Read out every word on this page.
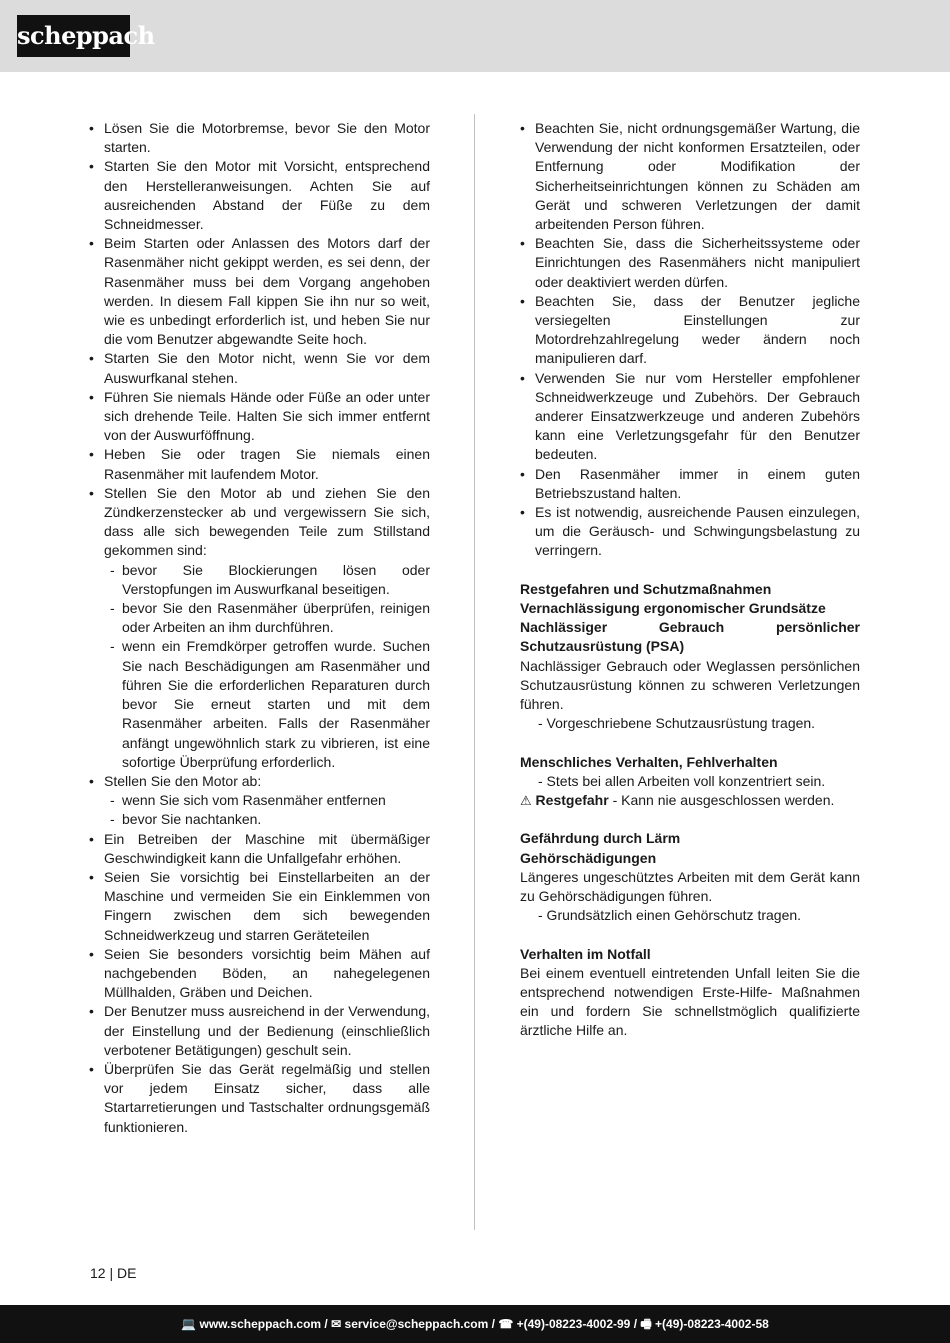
scheppach
• Lösen Sie die Motorbremse, bevor Sie den Motor starten.
• Starten Sie den Motor mit Vorsicht, entsprechend den Herstelleranweisungen. Achten Sie auf ausreichenden Abstand der Füße zu dem Schneidmesser.
• Beim Starten oder Anlassen des Motors darf der Rasenmäher nicht gekippt werden, es sei denn, der Rasenmäher muss bei dem Vorgang angehoben werden. In diesem Fall kippen Sie ihn nur so weit, wie es unbedingt erforderlich ist, und heben Sie nur die vom Benutzer abgewandte Seite hoch.
• Starten Sie den Motor nicht, wenn Sie vor dem Auswurfkanal stehen.
• Führen Sie niemals Hände oder Füße an oder unter sich drehende Teile. Halten Sie sich immer entfernt von der Auswurföffnung.
• Heben Sie oder tragen Sie niemals einen Rasenmäher mit laufendem Motor.
• Stellen Sie den Motor ab und ziehen Sie den Zündkerzenstecker ab und vergewissern Sie sich, dass alle sich bewegenden Teile zum Stillstand gekommen sind:
- bevor Sie Blockierungen lösen oder Verstopfungen im Auswurfkanal beseitigen.
- bevor Sie den Rasenmäher überprüfen, reinigen oder Arbeiten an ihm durchführen.
- wenn ein Fremdkörper getroffen wurde. Suchen Sie nach Beschädigungen am Rasenmäher und führen Sie die erforderlichen Reparaturen durch bevor Sie erneut starten und mit dem Rasenmäher arbeiten. Falls der Rasenmäher anfängt ungewöhnlich stark zu vibrieren, ist eine sofortige Überprüfung erforderlich.
• Stellen Sie den Motor ab:
- wenn Sie sich vom Rasenmäher entfernen
- bevor Sie nachtanken.
• Ein Betreiben der Maschine mit übermäßiger Geschwindigkeit kann die Unfallgefahr erhöhen.
• Seien Sie vorsichtig bei Einstellarbeiten an der Maschine und vermeiden Sie ein Einklemmen von Fingern zwischen dem sich bewegenden Schneidwerkzeug und starren Geräteteilen
• Seien Sie besonders vorsichtig beim Mähen auf nachgebenden Böden, an nahegelegenen Müllhalden, Gräben und Deichen.
• Der Benutzer muss ausreichend in der Verwendung, der Einstellung und der Bedienung (einschließlich verbotener Betätigungen) geschult sein.
• Überprüfen Sie das Gerät regelmäßig und stellen vor jedem Einsatz sicher, dass alle Startarretierungen und Tastschalter ordnungsgemäß funktionieren.
• Beachten Sie, nicht ordnungsgemäßer Wartung, die Verwendung der nicht konformen Ersatzteilen, oder Entfernung oder Modifikation der Sicherheitseinrichtungen können zu Schäden am Gerät und schweren Verletzungen der damit arbeitenden Person führen.
• Beachten Sie, dass die Sicherheitssysteme oder Einrichtungen des Rasenmähers nicht manipuliert oder deaktiviert werden dürfen.
• Beachten Sie, dass der Benutzer jegliche versiegelten Einstellungen zur Motordrehzahlregelung weder ändern noch manipulieren darf.
• Verwenden Sie nur vom Hersteller empfohlener Schneidwerkzeuge und Zubehörs. Der Gebrauch anderer Einsatzwerkzeuge und anderen Zubehörs kann eine Verletzungsgefahr für den Benutzer bedeuten.
• Den Rasenmäher immer in einem guten Betriebszustand halten.
• Es ist notwendig, ausreichende Pausen einzulegen, um die Geräusch- und Schwingungsbelastung zu verringern.
Restgefahren und Schutzmaßnahmen
Vernachlässigung ergonomischer Grundsätze
Nachlässiger Gebrauch persönlicher Schutzausrüstung (PSA)

Nachlässiger Gebrauch oder Weglassen persönlichen Schutzausrüstung können zu schweren Verletzungen führen.

- Vorgeschriebene Schutzausrüstung tragen.

Menschliches Verhalten, Fehlverhalten

- Stets bei allen Arbeiten voll konzentriert sein.

⚠ Restgefahr - Kann nie ausgeschlossen werden.

Gefährdung durch Lärm
Gehörschädigungen

Längeres ungeschütztes Arbeiten mit dem Gerät kann zu Gehörschädigungen führen.

- Grundsätzlich einen Gehörschutz tragen.

Verhalten im Notfall

Bei einem eventuell eintretenden Unfall leiten Sie die entsprechend notwendigen Erste-Hilfe- Maßnahmen ein und fordern Sie schnellstmöglich qualifizierte ärztliche Hilfe an.

12 | DE
💻 www.scheppach.com / ✉ service@scheppach.com / ☎ +(49)-08223-4002-99 / 🖷 +(49)-08223-4002-58
